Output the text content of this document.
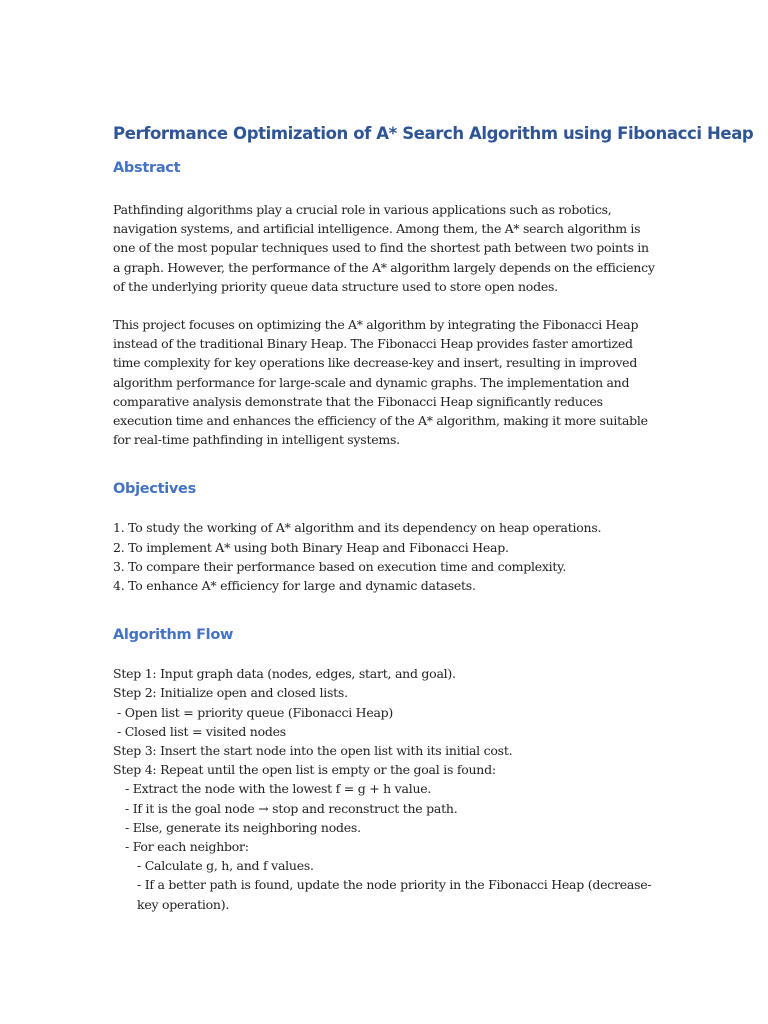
Performance Optimization of A* Search Algorithm using Fibonacci Heap
Abstract

Pathfinding algorithms play a crucial role in various applications such as robotics, navigation systems, and artificial intelligence. Among them, the A* search algorithm is one of the most popular techniques used to find the shortest path between two points in a graph. However, the performance of the A* algorithm largely depends on the efficiency of the underlying priority queue data structure used to store open nodes.

This project focuses on optimizing the A* algorithm by integrating the Fibonacci Heap instead of the traditional Binary Heap. The Fibonacci Heap provides faster amortized time complexity for key operations like decrease-key and insert, resulting in improved algorithm performance for large-scale and dynamic graphs. The implementation and comparative analysis demonstrate that the Fibonacci Heap significantly reduces execution time and enhances the efficiency of the A* algorithm, making it more suitable for real-time pathfinding in intelligent systems.

Objectives
1. To study the working of A* algorithm and its dependency on heap operations.
2. To implement A* using both Binary Heap and Fibonacci Heap.
3. To compare their performance based on execution time and complexity.
4. To enhance A* efficiency for large and dynamic datasets.
Algorithm Flow
Step 1: Input graph data (nodes, edges, start, and goal).
Step 2: Initialize open and closed lists.
- Open list = priority queue (Fibonacci Heap)
- Closed list = visited nodes
Step 3: Insert the start node into the open list with its initial cost.
Step 4: Repeat until the open list is empty or the goal is found:
- Extract the node with the lowest f = g + h value.
- If it is the goal node → stop and reconstruct the path.
- Else, generate its neighboring nodes.
- For each neighbor:
- Calculate g, h, and f values.
- If a better path is found, update the node priority in the Fibonacci Heap (decrease-key operation).
